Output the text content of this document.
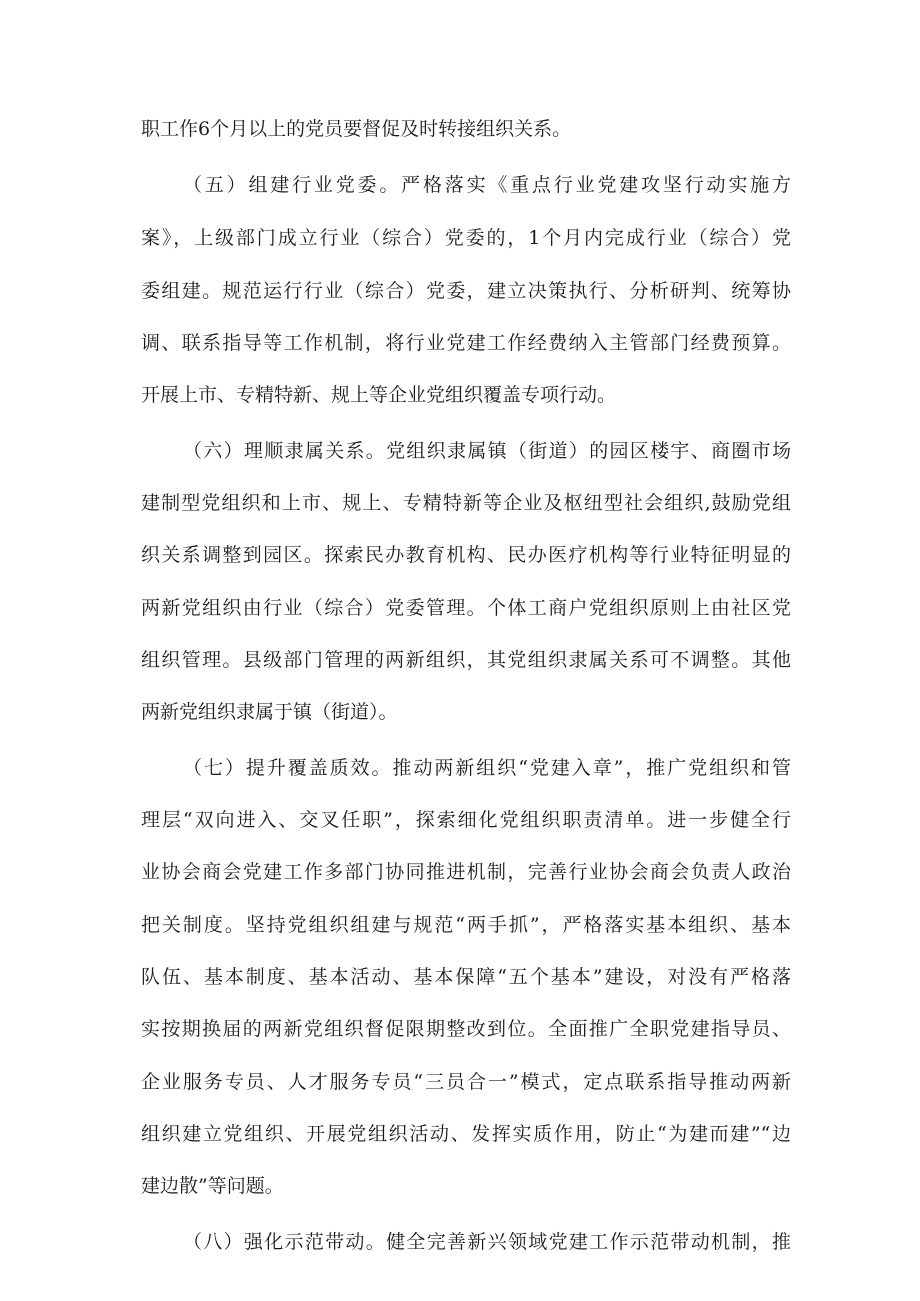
职工作6个月以上的党员要督促及时转接组织关系。
（五）组建行业党委。严格落实《重点行业党建攻坚行动实施方
案》，上级部门成立行业（综合）党委的，1个月内完成行业（综合）党
委组建。规范运行行业（综合）党委，建立决策执行、分析研判、统筹协
调、联系指导等工作机制，将行业党建工作经费纳入主管部门经费预算。
开展上市、专精特新、规上等企业党组织覆盖专项行动。
（六）理顺隶属关系。党组织隶属镇（街道）的园区楼宇、商圈市场
建制型党组织和上市、规上、专精特新等企业及枢纽型社会组织,鼓励党组
织关系调整到园区。探索民办教育机构、民办医疗机构等行业特征明显的
两新党组织由行业（综合）党委管理。个体工商户党组织原则上由社区党
组织管理。县级部门管理的两新组织，其党组织隶属关系可不调整。其他
两新党组织隶属于镇（街道）。
（七）提升覆盖质效。推动两新组织“党建入章”，推广党组织和管
理层“双向进入、交叉任职”，探索细化党组织职责清单。进一步健全行
业协会商会党建工作多部门协同推进机制，完善行业协会商会负责人政治
把关制度。坚持党组织组建与规范“两手抓”，严格落实基本组织、基本
队伍、基本制度、基本活动、基本保障“五个基本”建设，对没有严格落
实按期换届的两新党组织督促限期整改到位。全面推广全职党建指导员、
企业服务专员、人才服务专员“三员合一”模式，定点联系指导推动两新
组织建立党组织、开展党组织活动、发挥实质作用，防止“为建而建”“边
建边散”等问题。
（八）强化示范带动。健全完善新兴领域党建工作示范带动机制，推
